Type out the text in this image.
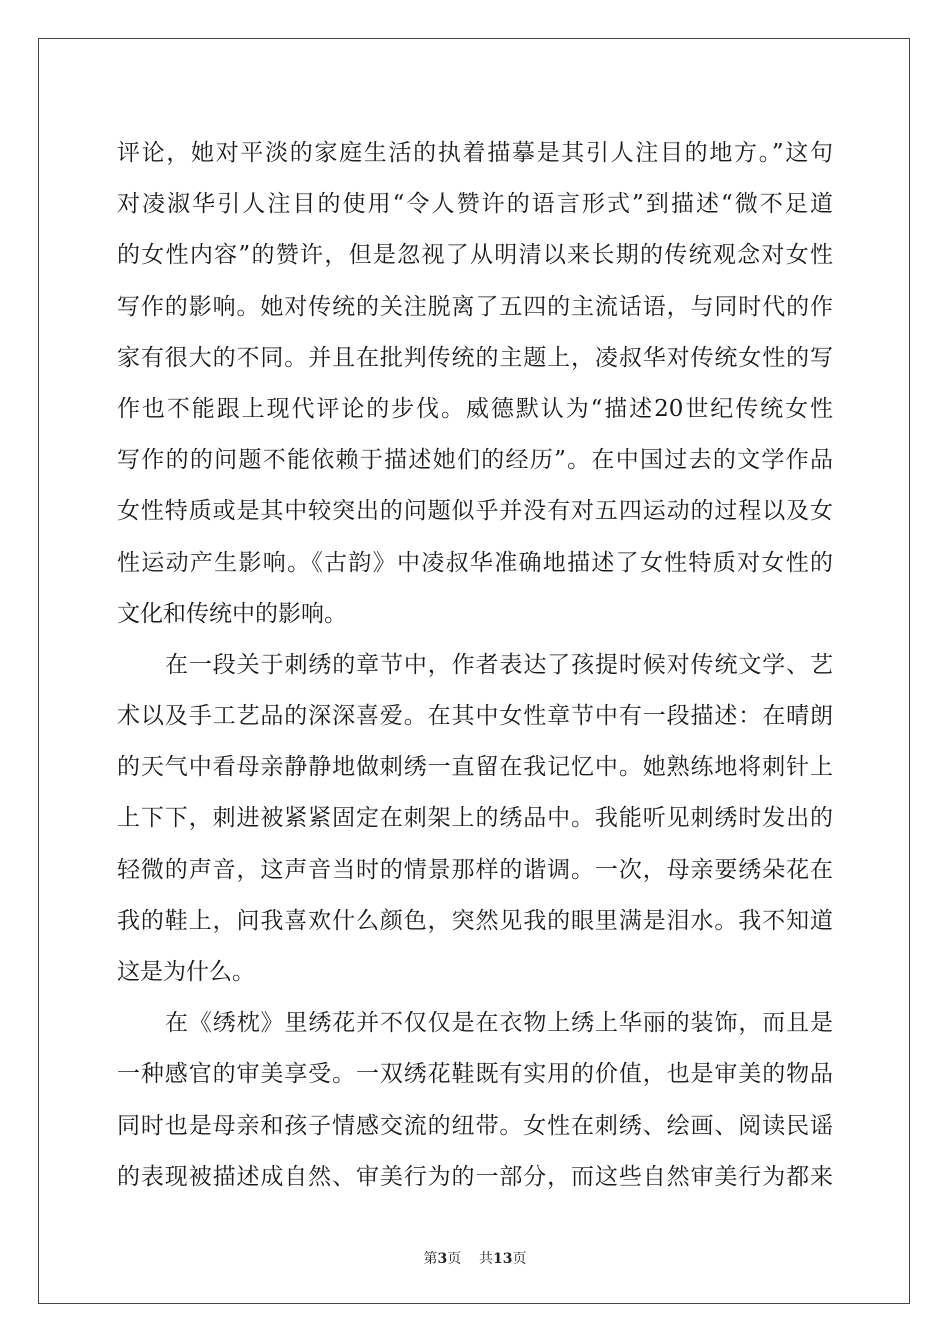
评论，她对平淡的家庭生活的执着描摹是其引人注目的地方。”这句
对凌淑华引人注目的使用“令人赞许的语言形式”到描述“微不足道
的女性内容”的赞许，但是忽视了从明清以来长期的传统观念对女性
写作的影响。她对传统的关注脱离了五四的主流话语，与同时代的作
家有很大的不同。并且在批判传统的主题上，凌叔华对传统女性的写
作也不能跟上现代评论的步伐。威德默认为“描述20世纪传统女性
写作的的问题不能依赖于描述她们的经历”。在中国过去的文学作品
女性特质或是其中较突出的问题似乎并没有对五四运动的过程以及女
性运动产生影响。《古韵》中凌叔华准确地描述了女性特质对女性的
文化和传统中的影响。
在一段关于刺绣的章节中，作者表达了孩提时候对传统文学、艺
术以及手工艺品的深深喜爱。在其中女性章节中有一段描述：在晴朗
的天气中看母亲静静地做刺绣一直留在我记忆中。她熟练地将刺针上
上下下，刺进被紧紧固定在刺架上的绣品中。我能听见刺绣时发出的
轻微的声音，这声音当时的情景那样的谐调。一次，母亲要绣朵花在
我的鞋上，问我喜欢什么颜色，突然见我的眼里满是泪水。我不知道
这是为什么。
在《绣枕》里绣花并不仅仅是在衣物上绣上华丽的装饰，而且是
一种感官的审美享受。一双绣花鞋既有实用的价值，也是审美的物品
同时也是母亲和孩子情感交流的纽带。女性在刺绣、绘画、阅读民谣
的表现被描述成自然、审美行为的一部分，而这些自然审美行为都来
第3页 共13页
